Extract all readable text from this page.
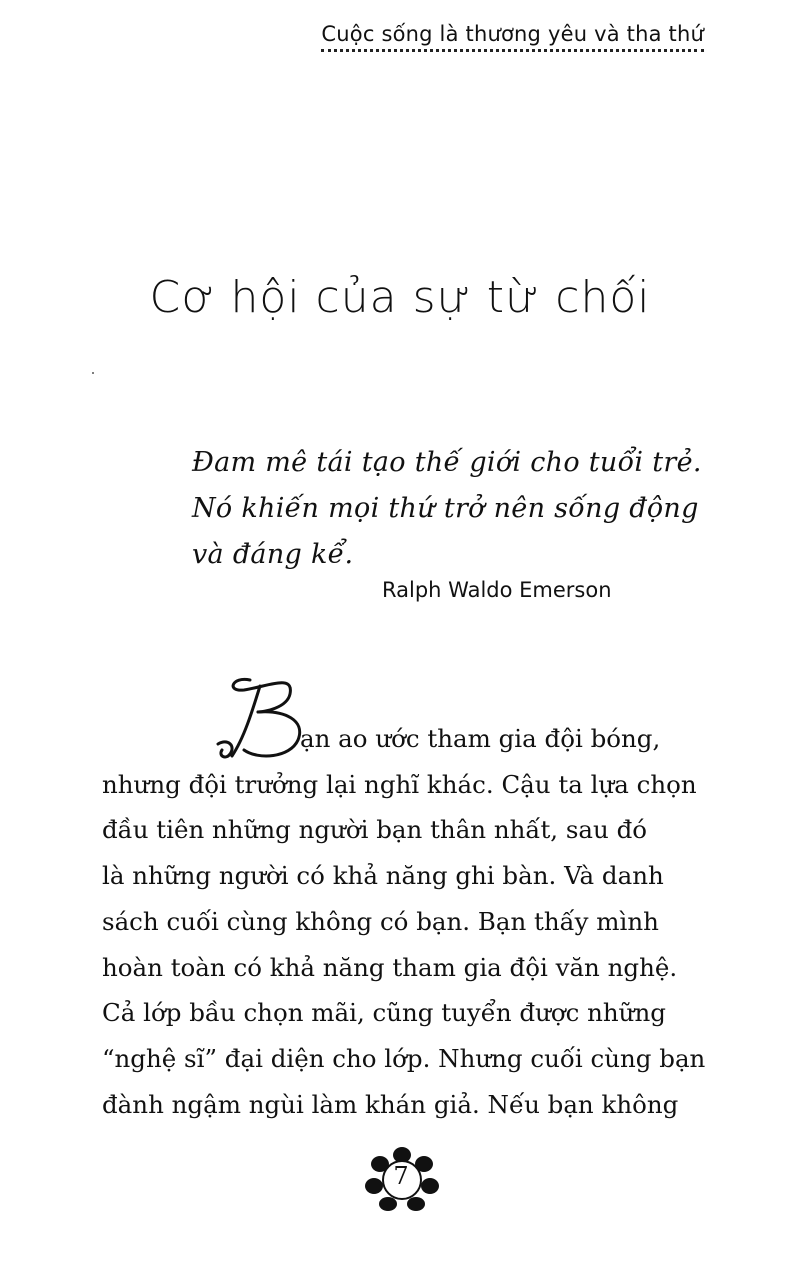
Cuộc sống là thương yêu và tha thứ
Cơ hội của sự từ chối
Đam mê tái tạo thế giới cho tuổi trẻ.
Nó khiến mọi thứ trở nên sống động
và đáng kể.
Ralph Waldo Emerson
B	ạn ao ước tham gia đội bóng,
nhưng đội trưởng lại nghĩ khác. Cậu ta lựa chọn
đầu tiên những người bạn thân nhất, sau đó
là những người có khả năng ghi bàn. Và danh
sách cuối cùng không có bạn. Bạn thấy mình
hoàn toàn có khả năng tham gia đội văn nghệ.
Cả lớp bầu chọn mãi, cũng tuyển được những
“nghệ sĩ” đại diện cho lớp. Nhưng cuối cùng bạn
đành ngậm ngùi làm khán giả. Nếu bạn không
7
